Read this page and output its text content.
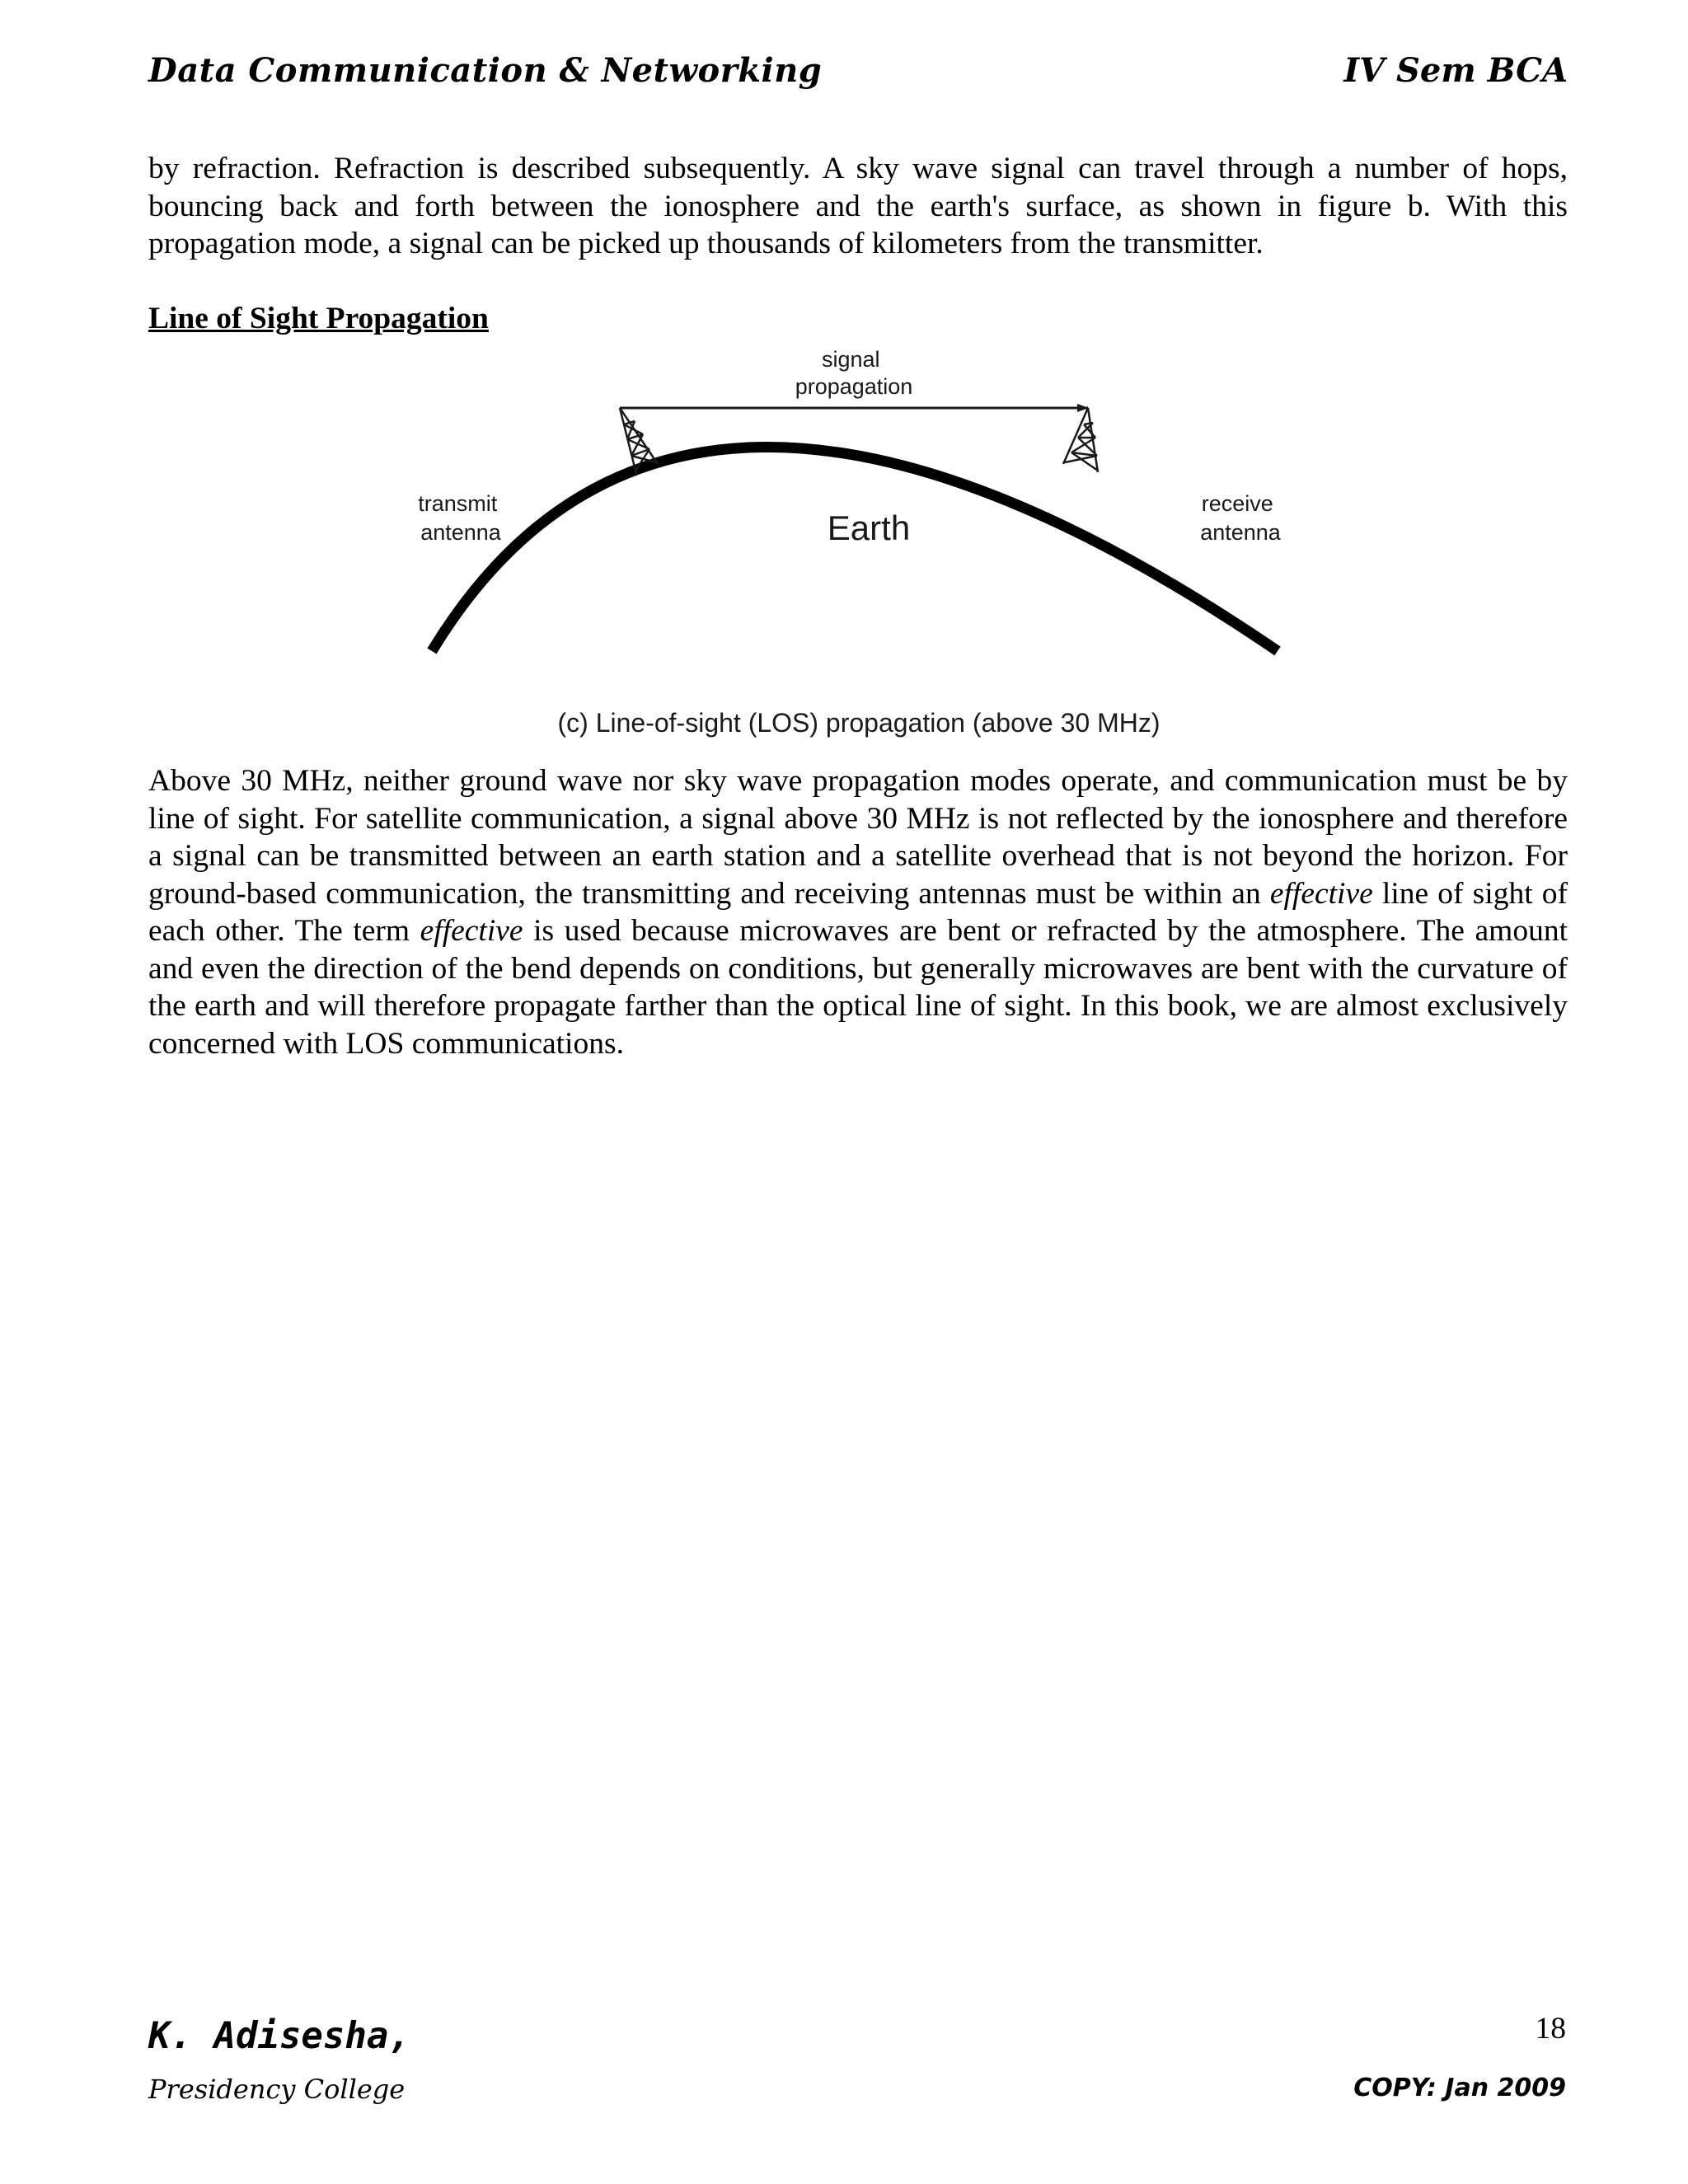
Data Communication & Networking	IV Sem BCA

by refraction. Refraction is described subsequently. A sky wave signal can travel through a number of hops, bouncing back and forth between the ionosphere and the earth's surface, as shown in figure b. With this propagation mode, a signal can be picked up thousands of kilometers from the transmitter.

Line of Sight Propagation

signal propagation
transmit antenna
receive antenna
Earth
(c) Line-of-sight (LOS) propagation (above 30 MHz)

Above 30 MHz, neither ground wave nor sky wave propagation modes operate, and communication must be by line of sight. For satellite communication, a signal above 30 MHz is not reflected by the ionosphere and therefore a signal can be transmitted between an earth station and a satellite overhead that is not beyond the horizon. For ground-based communication, the transmitting and receiving antennas must be within an effective line of sight of each other. The term effective is used because microwaves are bent or refracted by the atmosphere. The amount and even the direction of the bend depends on conditions, but generally microwaves are bent with the curvature of the earth and will therefore propagate farther than the optical line of sight. In this book, we are almost exclusively concerned with LOS communications.

K. Adisesha,
Presidency College
18
COPY: Jan 2009
